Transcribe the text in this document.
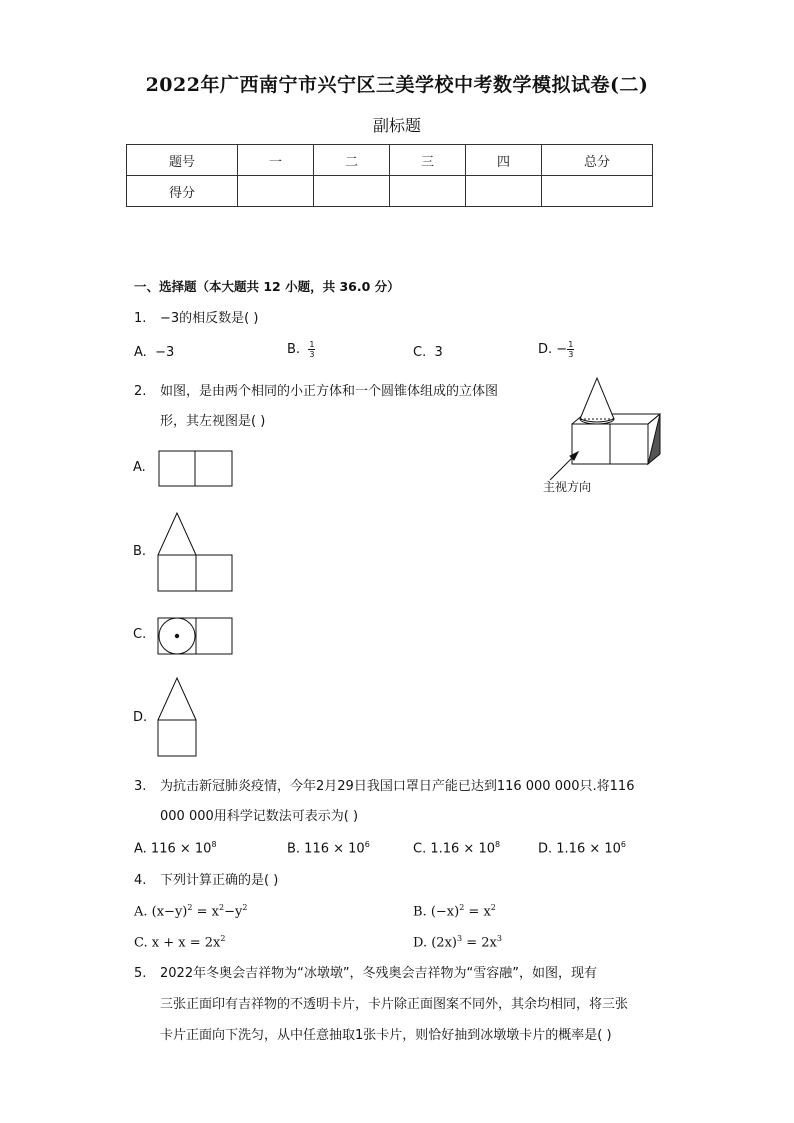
2022年广西南宁市兴宁区三美学校中考数学模拟试卷(二)
副标题
题号	一	二	三	四	总分
得分					
一、选择题（本大题共 12 小题，共 36.0 分）
1. −3的相反数是( )
A.  −3	B. $\frac{1}{3}$	C.  3	D. − $\frac{1}{3}$
2. 如图，是由两个相同的小正方体和一个圆锥体组成的立体图
形，其左视图是( )
主视方向
A.
B.
C.
D.
3. 为抗击新冠肺炎疫情，今年2月29日我国口罩日产能已达到116 000 000只.将116
000 000用科学记数法可表示为( )
A. $116 \times 10^8$	B. $116 \times 10^6$	C. $1.16 \times 10^8$	D. $1.16 \times 10^6$
4. 下列计算正确的是( )
A. $(x-y)^2 = x^2-y^2$	B. $(-x)^2 = x^2$
C. $x + x = 2x^2$	D. $(2x)^3 = 2x^3$
5. 2022年冬奥会吉祥物为“冰墩墩”，冬残奥会吉祥物为“雪容融”，如图，现有
三张正面印有吉祥物的不透明卡片，卡片除正面图案不同外，其余均相同，将三张
卡片正面向下洗匀，从中任意抽取1张卡片，则恰好抽到冰墩墩卡片的概率是( )
